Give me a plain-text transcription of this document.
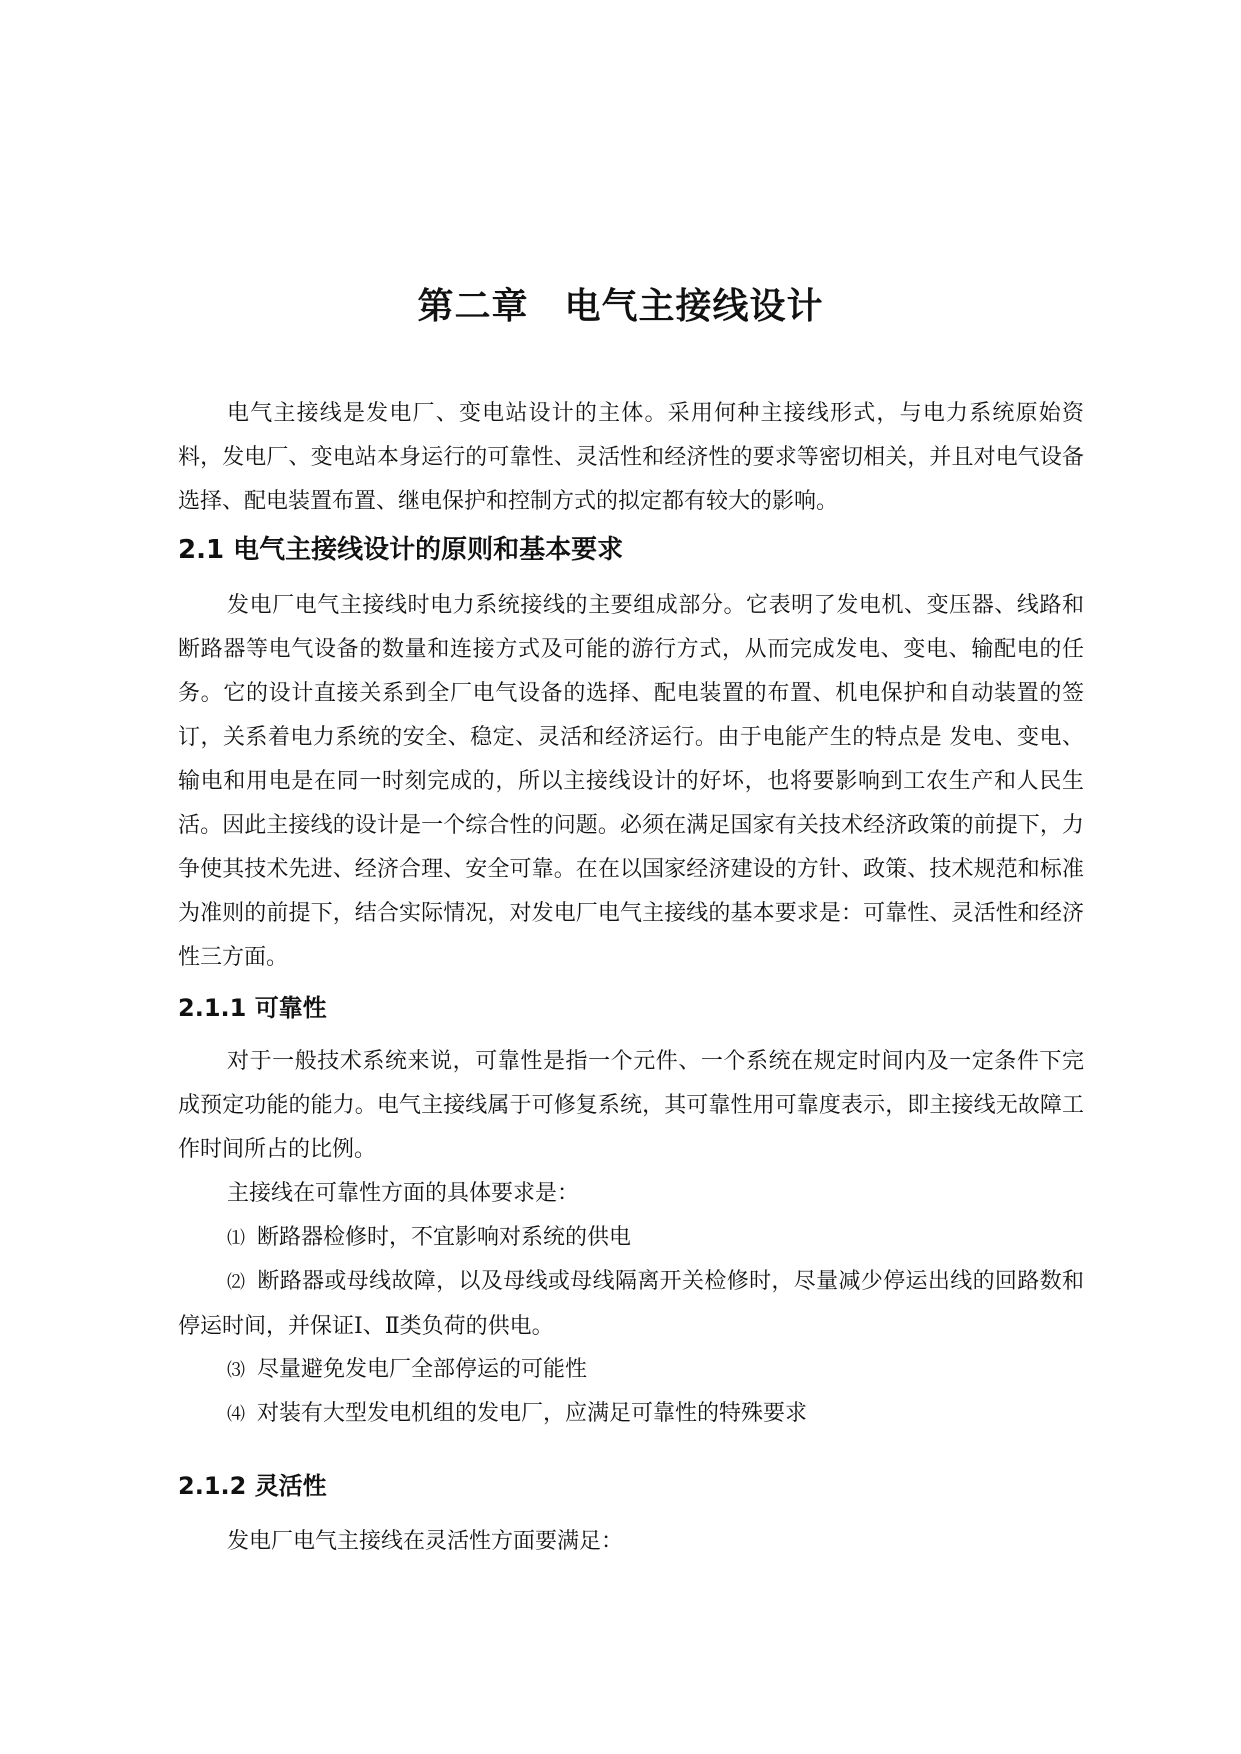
第二章 电气主接线设计

电气主接线是发电厂、变电站设计的主体。采用何种主接线形式，与电力系统原始资料，发电厂、变电站本身运行的可靠性、灵活性和经济性的要求等密切相关，并且对电气设备选择、配电装置布置、继电保护和控制方式的拟定都有较大的影响。

2.1 电气主接线设计的原则和基本要求

发电厂电气主接线时电力系统接线的主要组成部分。它表明了发电机、变压器、线路和断路器等电气设备的数量和连接方式及可能的游行方式，从而完成发电、变电、输配电的任务。它的设计直接关系到全厂电气设备的选择、配电装置的布置、机电保护和自动装置的签订，关系着电力系统的安全、稳定、灵活和经济运行。由于电能产生的特点是 发电、变电、输电和用电是在同一时刻完成的，所以主接线设计的好坏，也将要影响到工农生产和人民生活。因此主接线的设计是一个综合性的问题。必须在满足国家有关技术经济政策的前提下，力争使其技术先进、经济合理、安全可靠。在在以国家经济建设的方针、政策、技术规范和标准为准则的前提下，结合实际情况，对发电厂电气主接线的基本要求是：可靠性、灵活性和经济性三方面。

2.1.1 可靠性

对于一般技术系统来说，可靠性是指一个元件、一个系统在规定时间内及一定条件下完成预定功能的能力。电气主接线属于可修复系统，其可靠性用可靠度表示，即主接线无故障工作时间所占的比例。

主接线在可靠性方面的具体要求是：

⑴ 断路器检修时，不宜影响对系统的供电

⑵ 断路器或母线故障，以及母线或母线隔离开关检修时，尽量减少停运出线的回路数和停运时间，并保证Ⅰ、Ⅱ类负荷的供电。

⑶ 尽量避免发电厂全部停运的可能性

⑷ 对装有大型发电机组的发电厂，应满足可靠性的特殊要求

2.1.2 灵活性

发电厂电气主接线在灵活性方面要满足：
